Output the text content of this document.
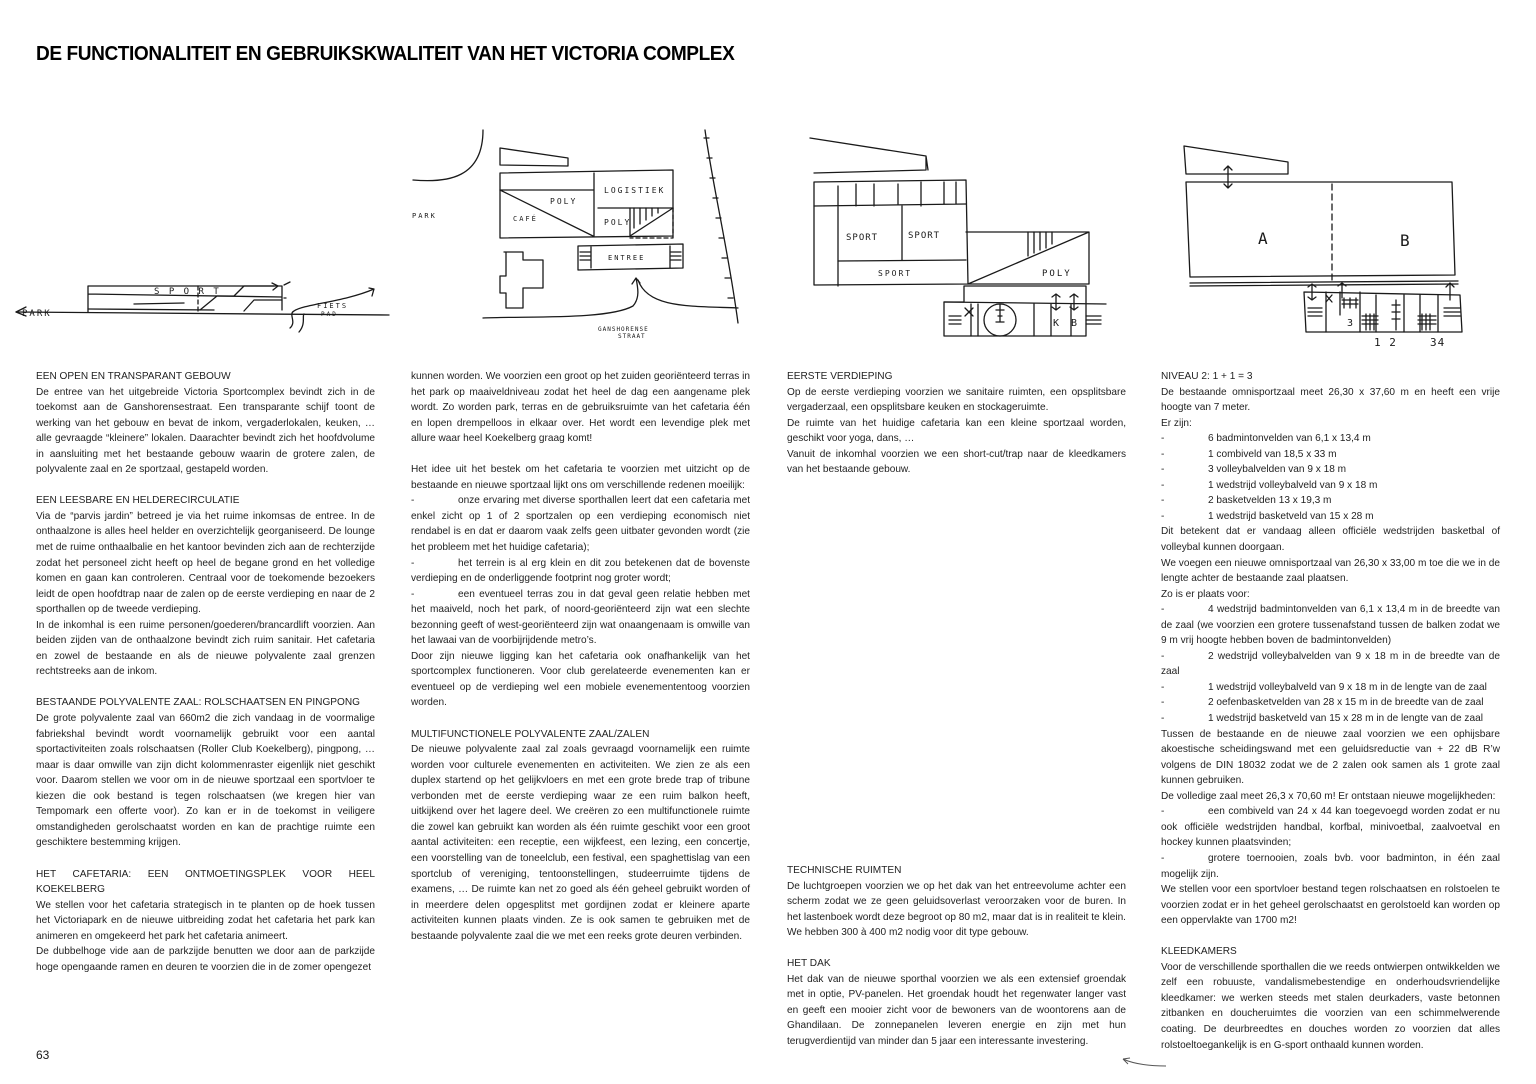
DE FUNCTIONALITEIT EN GEBRUIKSKWALITEIT VAN HET VICTORIA COMPLEX
PARK
S P O R T
FIETS
PAD
PARK
LOGISTIEK
POLY
CAFÉ	POLY
ENTREE
GANSHORENSE
STRAAT
SPORT	SPORT
SPORT	POLY
K B
A	B
3
1 2	34

EEN OPEN EN TRANSPARANT GEBOUW

De entree van het uitgebreide Victoria Sportcomplex bevindt zich in de toekomst aan de Ganshorensestraat. Een transparante schijf toont de werking van het gebouw en bevat de inkom, vergaderlokalen, keuken, … alle gevraagde “kleinere” lokalen. Daarachter bevindt zich het hoofdvolume in aansluiting met het bestaande gebouw waarin de grotere zalen, de polyvalente zaal en 2e sportzaal, gestapeld worden.

EEN LEESBARE EN HELDERECIRCULATIE

Via de “parvis jardin” betreed je via het ruime inkomsas de entree. In de onthaalzone is alles heel helder en overzichtelijk georganiseerd. De lounge met de ruime onthaalbalie en het kantoor bevinden zich aan de rechterzijde zodat het personeel zicht heeft op heel de begane grond en het volledige komen en gaan kan controleren. Centraal voor de toekomende bezoekers leidt de open hoofdtrap naar de zalen op de eerste verdieping en naar de 2 sporthallen op de tweede verdieping.

In de inkomhal is een ruime personen/goederen/brancardlift voorzien. Aan beiden zijden van de onthaalzone bevindt zich ruim sanitair. Het cafetaria en zowel de bestaande en als de nieuwe polyvalente zaal grenzen rechtstreeks aan de inkom.

BESTAANDE POLYVALENTE ZAAL: ROLSCHAATSEN EN PINGPONG

De grote polyvalente zaal van 660m2 die zich vandaag in de voormalige fabriekshal bevindt wordt voornamelijk gebruikt voor een aantal sportactiviteiten zoals rolschaatsen (Roller Club Koekelberg), pingpong, … maar is daar omwille van zijn dicht kolommenraster eigenlijk niet geschikt voor. Daarom stellen we voor om in de nieuwe sportzaal een sportvloer te kiezen die ook bestand is tegen rolschaatsen (we kregen hier van Tempomark een offerte voor). Zo kan er in de toekomst in veiligere omstandigheden gerolschaatst worden en kan de prachtige ruimte een geschiktere bestemming krijgen.

HET CAFETARIA: EEN ONTMOETINGSPLEK VOOR HEEL KOEKELBERG

We stellen voor het cafetaria strategisch in te planten op de hoek tussen het Victoriapark en de nieuwe uitbreiding zodat het cafetaria het park kan animeren en omgekeerd het park het cafetaria animeert.

De dubbelhoge vide aan de parkzijde benutten we door aan de parkzijde hoge opengaande ramen en deuren te voorzien die in de zomer opengezet

kunnen worden. We voorzien een groot op het zuiden georiënteerd terras in het park op maaiveldniveau zodat het heel de dag een aangename plek wordt. Zo worden park, terras en de gebruiksruimte van het cafetaria één en lopen drempelloos in elkaar over. Het wordt een levendige plek met allure waar heel Koekelberg graag komt!

Het idee uit het bestek om het cafetaria te voorzien met uitzicht op de bestaande en nieuwe sportzaal lijkt ons om verschillende redenen moeilijk:

-	onze ervaring met diverse sporthallen leert dat een cafetaria met enkel zicht op 1 of 2 sportzalen op een verdieping economisch niet rendabel is en dat er daarom vaak zelfs geen uitbater gevonden wordt (zie het probleem met het huidige cafetaria);

-	het terrein is al erg klein en dit zou betekenen dat de bovenste verdieping en de onderliggende footprint nog groter wordt;

-	een eventueel terras zou in dat geval geen relatie hebben met het maaiveld, noch het park, of noord-georiënteerd zijn wat een slechte bezonning geeft of west-georiënteerd zijn wat onaangenaam is omwille van het lawaai van de voorbijrijdende metro’s.

Door zijn nieuwe ligging kan het cafetaria ook onafhankelijk van het sportcomplex functioneren. Voor club gerelateerde evenementen kan er eventueel op de verdieping wel een mobiele evenemententoog voorzien worden.

MULTIFUNCTIONELE POLYVALENTE ZAAL/ZALEN

De nieuwe polyvalente zaal zal zoals gevraagd voornamelijk een ruimte worden voor culturele evenementen en activiteiten. We zien ze als een duplex startend op het gelijkvloers en met een grote brede trap of tribune verbonden met de eerste verdieping waar ze een ruim balkon heeft, uitkijkend over het lagere deel. We creëren zo een multifunctionele ruimte die zowel kan gebruikt kan worden als één ruimte geschikt voor een groot aantal activiteiten: een receptie, een wijkfeest, een lezing, een concertje, een voorstelling van de toneelclub, een festival, een spaghettislag van een sportclub of vereniging, tentoonstellingen, studeerruimte tijdens de examens, … De ruimte kan net zo goed als één geheel gebruikt worden of in meerdere delen opgesplitst met gordijnen zodat er kleinere aparte activiteiten kunnen plaats vinden. Ze is ook samen te gebruiken met de bestaande polyvalente zaal die we met een reeks grote deuren verbinden.

EERSTE VERDIEPING

Op de eerste verdieping voorzien we sanitaire ruimten, een opsplitsbare vergaderzaal, een opsplitsbare keuken en stockageruimte.

De ruimte van het huidige cafetaria kan een kleine sportzaal worden, geschikt voor yoga, dans, …

Vanuit de inkomhal voorzien we een short-cut/trap naar de kleedkamers van het bestaande gebouw.

TECHNISCHE RUIMTEN

De luchtgroepen voorzien we op het dak van het entreevolume achter een scherm zodat we ze geen geluidsoverlast veroorzaken voor de buren. In het lastenboek wordt deze begroot op 80 m2, maar dat is in realiteit te klein. We hebben 300 à 400 m2 nodig voor dit type gebouw.

HET DAK

Het dak van de nieuwe sporthal voorzien we als een extensief groendak met in optie, PV-panelen. Het groendak houdt het regenwater langer vast en geeft een mooier zicht voor de bewoners van de woontorens aan de Ghandilaan. De zonnepanelen leveren energie en zijn met hun terugverdientijd van minder dan 5 jaar een interessante investering.

NIVEAU 2: 1 + 1 = 3

De bestaande omnisportzaal meet 26,30 x 37,60 m en heeft een vrije hoogte van 7 meter.

Er zijn:

-	6 badmintonvelden van 6,1 x 13,4 m

-	1 combiveld van 18,5 x 33 m

-	3 volleybalvelden van 9 x 18 m

-	1 wedstrijd volleybalveld van 9 x 18 m

-	2 basketvelden 13 x 19,3 m

-	1 wedstrijd basketveld van 15 x 28 m

Dit betekent dat er vandaag alleen officiële wedstrijden basketbal of volleybal kunnen doorgaan.

We voegen een nieuwe omnisportzaal van 26,30 x 33,00 m toe die we in de lengte achter de bestaande zaal plaatsen.

Zo is er plaats voor:

-	4 wedstrijd badmintonvelden van 6,1 x 13,4 m in de breedte van de zaal (we voorzien een grotere tussenafstand tussen de balken zodat we 9 m vrij hoogte hebben boven de badmintonvelden)

-	2 wedstrijd volleybalvelden van 9 x 18 m in de breedte van de zaal

-	1 wedstrijd volleybalveld van 9 x 18 m in de lengte van de zaal

-	2 oefenbasketvelden van 28 x 15 m in de breedte van de zaal

-	1 wedstrijd basketveld van 15 x 28 m in de lengte van de zaal

Tussen de bestaande en de nieuwe zaal voorzien we een ophijsbare akoestische scheidingswand met een geluidsreductie van + 22 dB R’w volgens de DIN 18032 zodat we de 2 zalen ook samen als 1 grote zaal kunnen gebruiken.

De volledige zaal meet 26,3 x 70,60 m! Er ontstaan nieuwe mogelijkheden:

-	een combiveld van 24 x 44 kan toegevoegd worden zodat er nu ook officiële wedstrijden handbal, korfbal, minivoetbal, zaalvoetval en hockey kunnen plaatsvinden;

-	grotere toernooien, zoals bvb. voor badminton, in één zaal mogelijk zijn.

We stellen voor een sportvloer bestand tegen rolschaatsen en rolstoelen te voorzien zodat er in het geheel gerolschaatst en gerolstoeld kan worden op een oppervlakte van 1700 m2!

KLEEDKAMERS

Voor de verschillende sporthallen die we reeds ontwierpen ontwikkelden we zelf een robuuste, vandalismebestendige en onderhoudsvriendelijke kleedkamer: we werken steeds met stalen deurkaders, vaste betonnen zitbanken en doucheruimtes die voorzien van een schimmelwerende coating. De deurbreedtes en douches worden zo voorzien dat alles rolstoeltoegankelijk is en G-sport onthaald kunnen worden.

63
